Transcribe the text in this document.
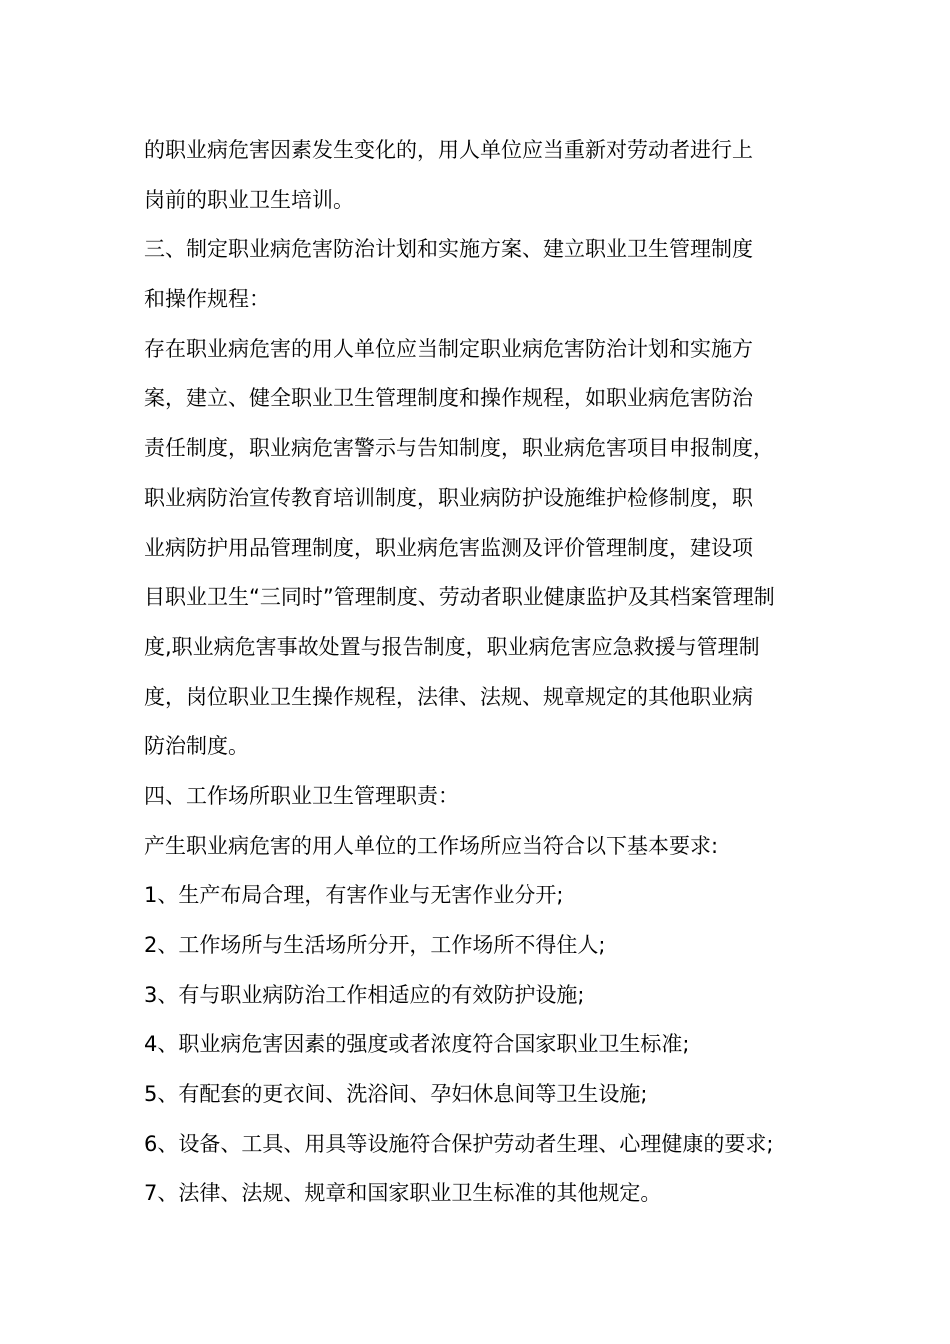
的职业病危害因素发生变化的，用人单位应当重新对劳动者进行上
岗前的职业卫生培训。
三、制定职业病危害防治计划和实施方案、建立职业卫生管理制度
和操作规程：
存在职业病危害的用人单位应当制定职业病危害防治计划和实施方
案，建立、健全职业卫生管理制度和操作规程，如职业病危害防治
责任制度，职业病危害警示与告知制度，职业病危害项目申报制度，
职业病防治宣传教育培训制度，职业病防护设施维护检修制度，职
业病防护用品管理制度，职业病危害监测及评价管理制度，建设项
目职业卫生“三同时”管理制度、劳动者职业健康监护及其档案管理制
度,职业病危害事故处置与报告制度，职业病危害应急救援与管理制
度，岗位职业卫生操作规程，法律、法规、规章规定的其他职业病
防治制度。
四、工作场所职业卫生管理职责：
产生职业病危害的用人单位的工作场所应当符合以下基本要求:
1、生产布局合理，有害作业与无害作业分开;
2、工作场所与生活场所分开，工作场所不得住人;
3、有与职业病防治工作相适应的有效防护设施;
4、职业病危害因素的强度或者浓度符合国家职业卫生标准;
5、有配套的更衣间、洗浴间、孕妇休息间等卫生设施;
6、设备、工具、用具等设施符合保护劳动者生理、心理健康的要求;
7、法律、法规、规章和国家职业卫生标准的其他规定。
